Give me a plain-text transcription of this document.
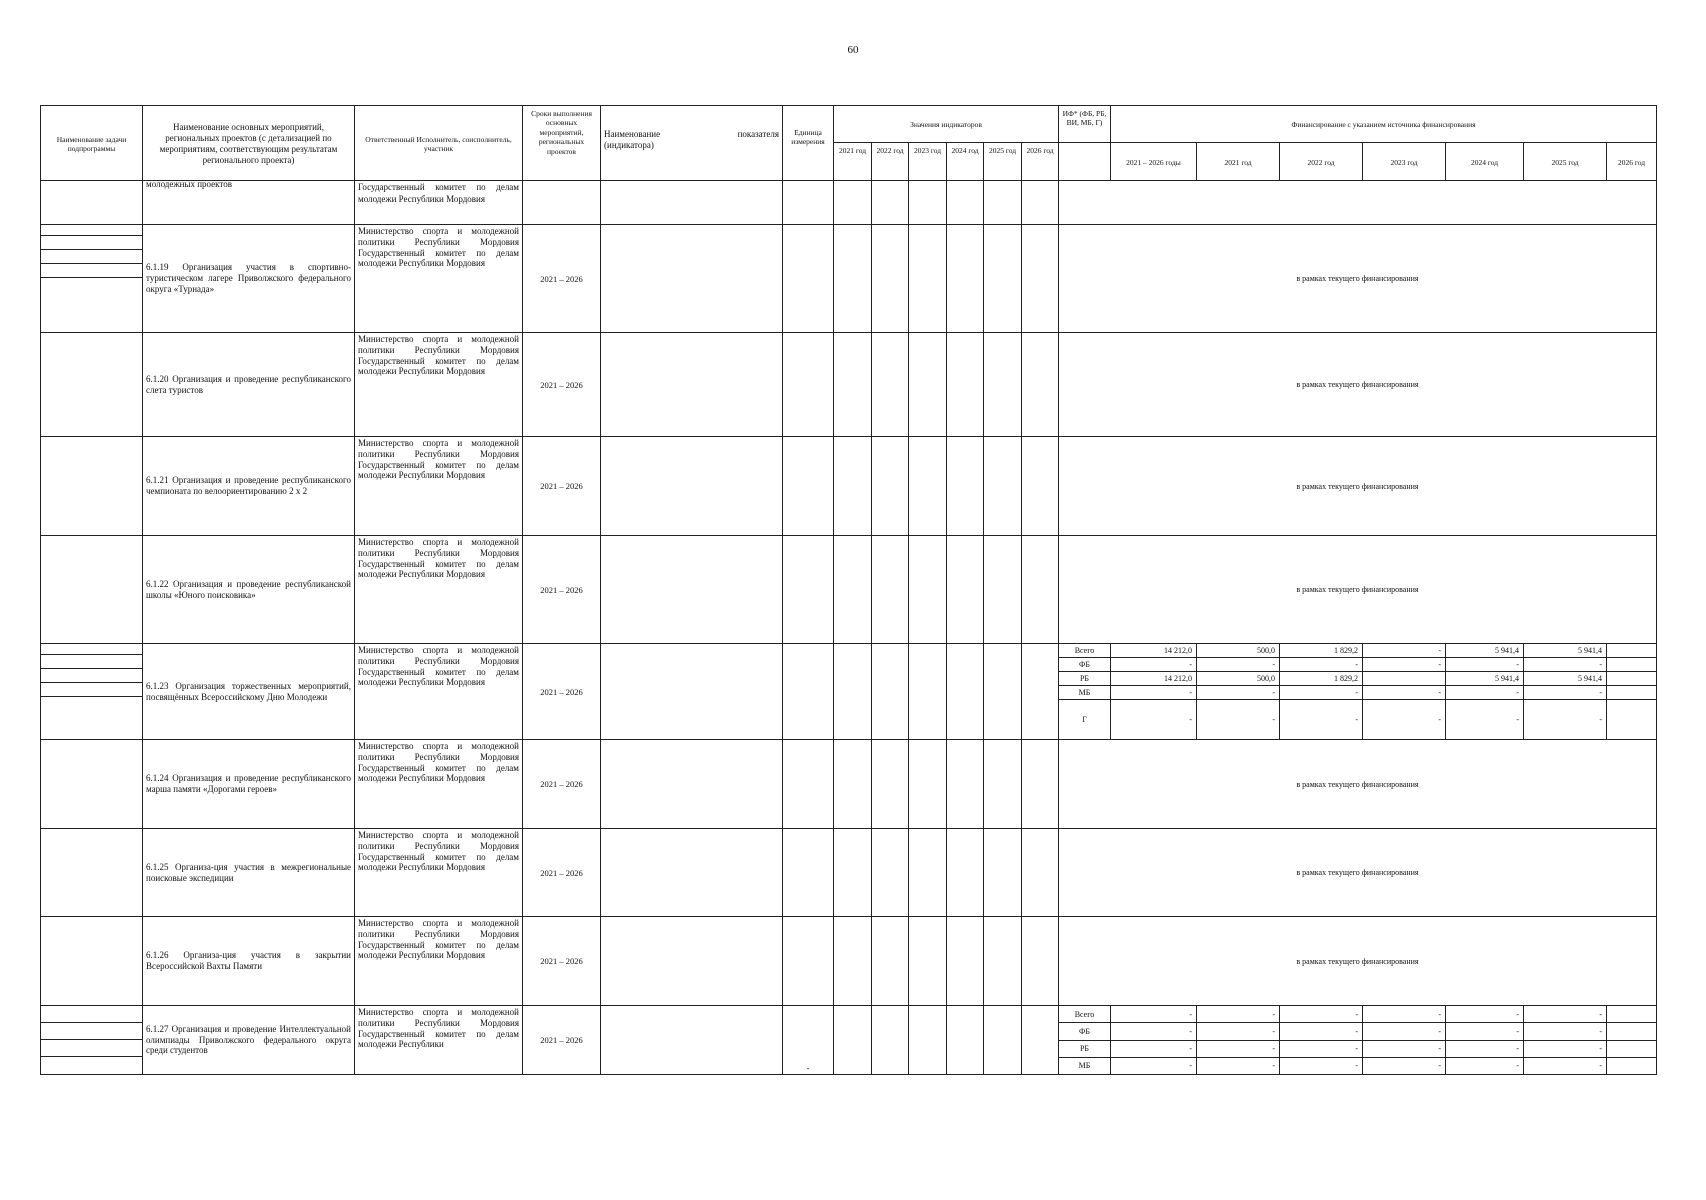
60
Наименование задачи подпрограммы	Наименование основных мероприятий, региональных проектов (с детализацией по мероприятиям, соответствующим результатам регионального проекта)	Ответственный Исполнитель, соисполнитель, участник	Сроки выполнения основных мероприятий, региональных проектов	Наименование показателя
(индикатора)	Единица измерения	Значения индикаторов						ИФ* (ФБ, РБ, ВИ, МБ, Г)	Финансирование с указанием источника финансирования						
						2021 год	2022 год	2023 год	2024 год	2025 год	2026 год		2021 – 2026 годы	2021 год	2022 год	2023 год	2024 год	2025 год	2026 год
	молодежных проектов	Государственный комитет по делам молодежи Республики Мордовия																	

	6.1.19 Организация участия в спортивно-туристическом лагере Приволжского федерального округа «Турнада»	Министерство спорта и молодежной политики Республики Мордовия Государственный комитет по делам молодежи Республики Мордовия	2021 – 2026									в рамках текущего финансирования							
	6.1.20 Организация и проведение республиканского слета туристов	Министерство спорта и молодежной политики Республики Мордовия Государственный комитет по делам молодежи Республики Мордовия	2021 – 2026									в рамках текущего финансирования							
	6.1.21 Организация и проведение республиканского чемпионата по велоориентированию 2 x 2	Министерство спорта и молодежной политики Республики Мордовия Государственный комитет по делам молодежи Республики Мордовия	2021 – 2026									в рамках текущего финансирования							
	6.1.22 Организация и проведение республиканской школы «Юного поисковика»	Министерство спорта и молодежной политики Республики Мордовия Государственный комитет по делам молодежи Республики Мордовия	2021 – 2026									в рамках текущего финансирования							

	6.1.23 Организация торжественных мероприятий, посвящённых Всероссийскому Дню Молодежи	Министерство спорта и молодежной политики Республики Мордовия Государственный комитет по делам молодежи Республики Мордовия	2021 – 2026									Всего	14 212,0	500,0	1 829,2	-	5 941,4	5 941,4	
												ФБ	-	-	-	-	-	-	
												РБ	14 212,0	500,0	1 829,2		5 941,4	5 941,4	
												МБ	-	-	-	-	-	-	
												Г	-	-	-	-	-	-	
	6.1.24 Организация и проведение республиканского марша памяти «Дорогами героев»	Министерство спорта и молодежной политики Республики Мордовия Государственный комитет по делам молодежи Республики Мордовия	2021 – 2026									в рамках текущего финансирования							
	6.1.25 Организа-ция участия в межрегиональные поисковые экспедиции	Министерство спорта и молодежной политики Республики Мордовия Государственный комитет по делам молодежи Республики Мордовия	2021 – 2026									в рамках текущего финансирования							
	6.1.26 Организа-ция участия в закрытии Всероссийской Вахты Памяти	Министерство спорта и молодежной политики Республики Мордовия Государственный комитет по делам молодежи Республики Мордовия	2021 – 2026									в рамках текущего финансирования							

	6.1.27 Организация и проведение Интеллектуальной олимпиады Приволжского федерального округа среди студентов	Министерство спорта и молодежной политики Республики Мордовия Государственный комитет по делам молодежи Республики	2021 – 2026		-							Всего	-	-	-	-	-	-	
												ФБ	-	-	-	-	-	-	
												РБ	-	-	-	-	-	-	
												МБ	-	-	-	-	-	-	
